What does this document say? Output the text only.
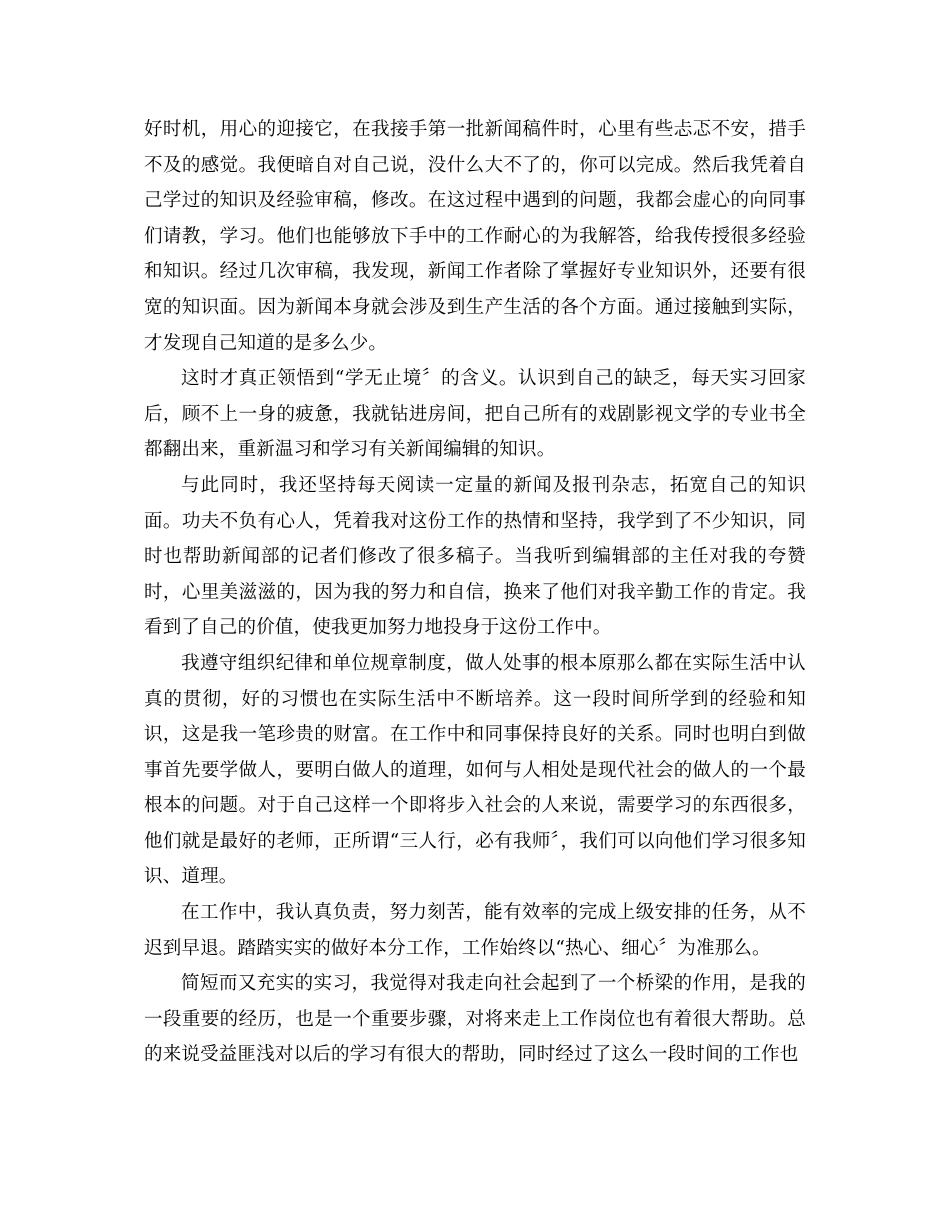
好时机，用心的迎接它，在我接手第一批新闻稿件时，心里有些忐忑不安，措手不及的感觉。我便暗自对自己说，没什么大不了的，你可以完成。然后我凭着自己学过的知识及经验审稿，修改。在这过程中遇到的问题，我都会虚心的向同事们请教，学习。他们也能够放下手中的工作耐心的为我解答，给我传授很多经验和知识。经过几次审稿，我发现，新闻工作者除了掌握好专业知识外，还要有很宽的知识面。因为新闻本身就会涉及到生产生活的各个方面。通过接触到实际，才发现自己知道的是多么少。

这时才真正领悟到“学无止境〞的含义。认识到自己的缺乏，每天实习回家后，顾不上一身的疲惫，我就钻进房间，把自己所有的戏剧影视文学的专业书全都翻出来，重新温习和学习有关新闻编辑的知识。

与此同时，我还坚持每天阅读一定量的新闻及报刊杂志，拓宽自己的知识面。功夫不负有心人，凭着我对这份工作的热情和坚持，我学到了不少知识，同时也帮助新闻部的记者们修改了很多稿子。当我听到编辑部的主任对我的夸赞时，心里美滋滋的，因为我的努力和自信，换来了他们对我辛勤工作的肯定。我看到了自己的价值，使我更加努力地投身于这份工作中。

我遵守组织纪律和单位规章制度，做人处事的根本原那么都在实际生活中认真的贯彻，好的习惯也在实际生活中不断培养。这一段时间所学到的经验和知识，这是我一笔珍贵的财富。在工作中和同事保持良好的关系。同时也明白到做事首先要学做人，要明白做人的道理，如何与人相处是现代社会的做人的一个最根本的问题。对于自己这样一个即将步入社会的人来说，需要学习的东西很多，他们就是最好的老师，正所谓“三人行，必有我师〞，我们可以向他们学习很多知识、道理。

在工作中，我认真负责，努力刻苦，能有效率的完成上级安排的任务，从不迟到早退。踏踏实实的做好本分工作，工作始终以“热心、细心〞为准那么。

简短而又充实的实习，我觉得对我走向社会起到了一个桥梁的作用，是我的一段重要的经历，也是一个重要步骤，对将来走上工作岗位也有着很大帮助。总的来说受益匪浅对以后的学习有很大的帮助，同时经过了这么一段时间的工作也
